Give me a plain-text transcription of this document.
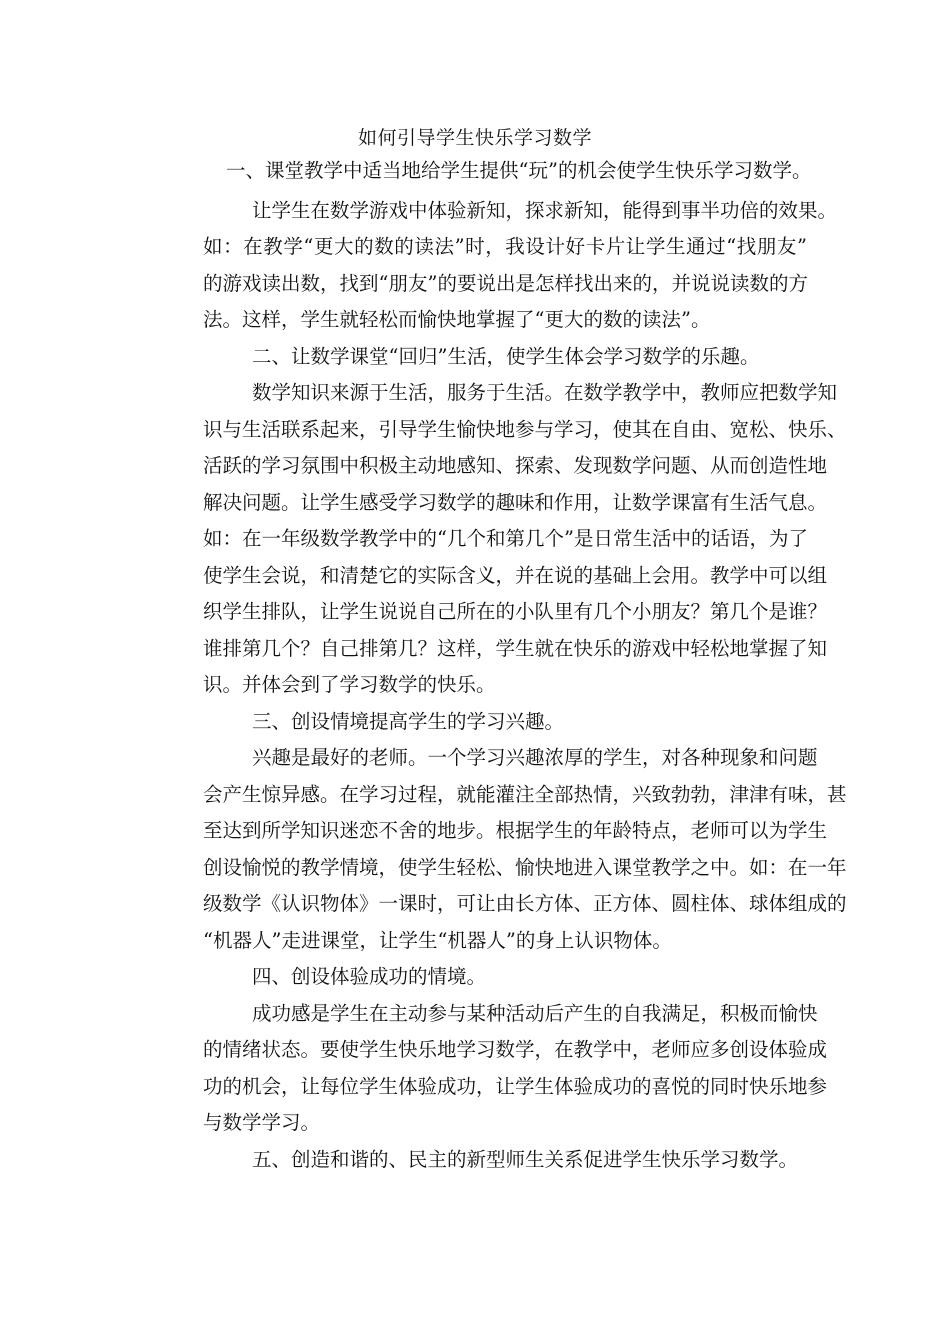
如何引导学生快乐学习数学
一、课堂教学中适当地给学生提供“玩”的机会使学生快乐学习数学。
让学生在数学游戏中体验新知，探求新知，能得到事半功倍的效果。
如：在教学“更大的数的读法”时，我设计好卡片让学生通过“找朋友”
的游戏读出数，找到“朋友”的要说出是怎样找出来的，并说说读数的方
法。这样，学生就轻松而愉快地掌握了“更大的数的读法”。
二、让数学课堂“回归”生活，使学生体会学习数学的乐趣。
数学知识来源于生活，服务于生活。在数学教学中，教师应把数学知
识与生活联系起来，引导学生愉快地参与学习，使其在自由、宽松、快乐、
活跃的学习氛围中积极主动地感知、探索、发现数学问题、从而创造性地
解决问题。让学生感受学习数学的趣味和作用，让数学课富有生活气息。
如：在一年级数学教学中的“几个和第几个”是日常生活中的话语，为了
使学生会说，和清楚它的实际含义，并在说的基础上会用。教学中可以组
织学生排队，让学生说说自己所在的小队里有几个小朋友？第几个是谁？
谁排第几个？自己排第几？这样，学生就在快乐的游戏中轻松地掌握了知
识。并体会到了学习数学的快乐。
三、创设情境提高学生的学习兴趣。
兴趣是最好的老师。一个学习兴趣浓厚的学生，对各种现象和问题
会产生惊异感。在学习过程，就能灌注全部热情，兴致勃勃，津津有味，甚
至达到所学知识迷恋不舍的地步。根据学生的年龄特点，老师可以为学生
创设愉悦的教学情境，使学生轻松、愉快地进入课堂教学之中。如：在一年
级数学《认识物体》一课时，可让由长方体、正方体、圆柱体、球体组成的
“机器人”走进课堂，让学生“机器人”的身上认识物体。
四、创设体验成功的情境。
成功感是学生在主动参与某种活动后产生的自我满足，积极而愉快
的情绪状态。要使学生快乐地学习数学，在教学中，老师应多创设体验成
功的机会，让每位学生体验成功，让学生体验成功的喜悦的同时快乐地参
与数学学习。
五、创造和谐的、民主的新型师生关系促进学生快乐学习数学。
